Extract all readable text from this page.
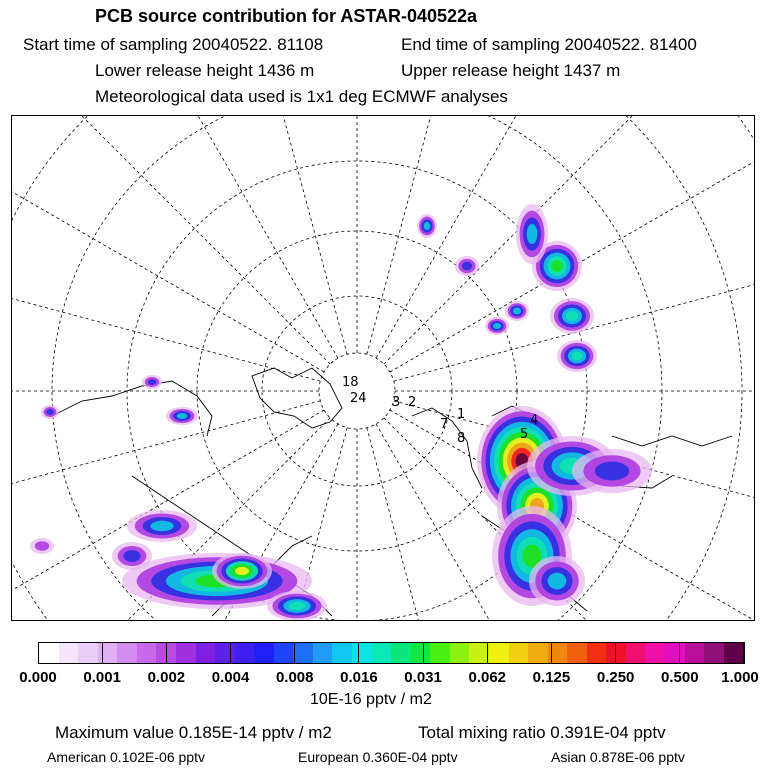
PCB source contribution for ASTAR-040522a
Start time of sampling 20040522. 81108	End time of sampling 20040522. 81400
Lower release height 1436 m	Upper release height 1437 m
Meteorological data used is 1x1 deg ECMWF analyses
18
24 3 2
1
7
8	5
4
0.000 0.001 0.002 0.004 0.008 0.016 0.031 0.062 0.125 0.250 0.500 1.000
10E-16 pptv / m2
Maximum value 0.185E-14 pptv / m2	Total mixing ratio 0.391E-04 pptv
American 0.102E-06 pptv	European 0.360E-04 pptv	Asian 0.878E-06 pptv
